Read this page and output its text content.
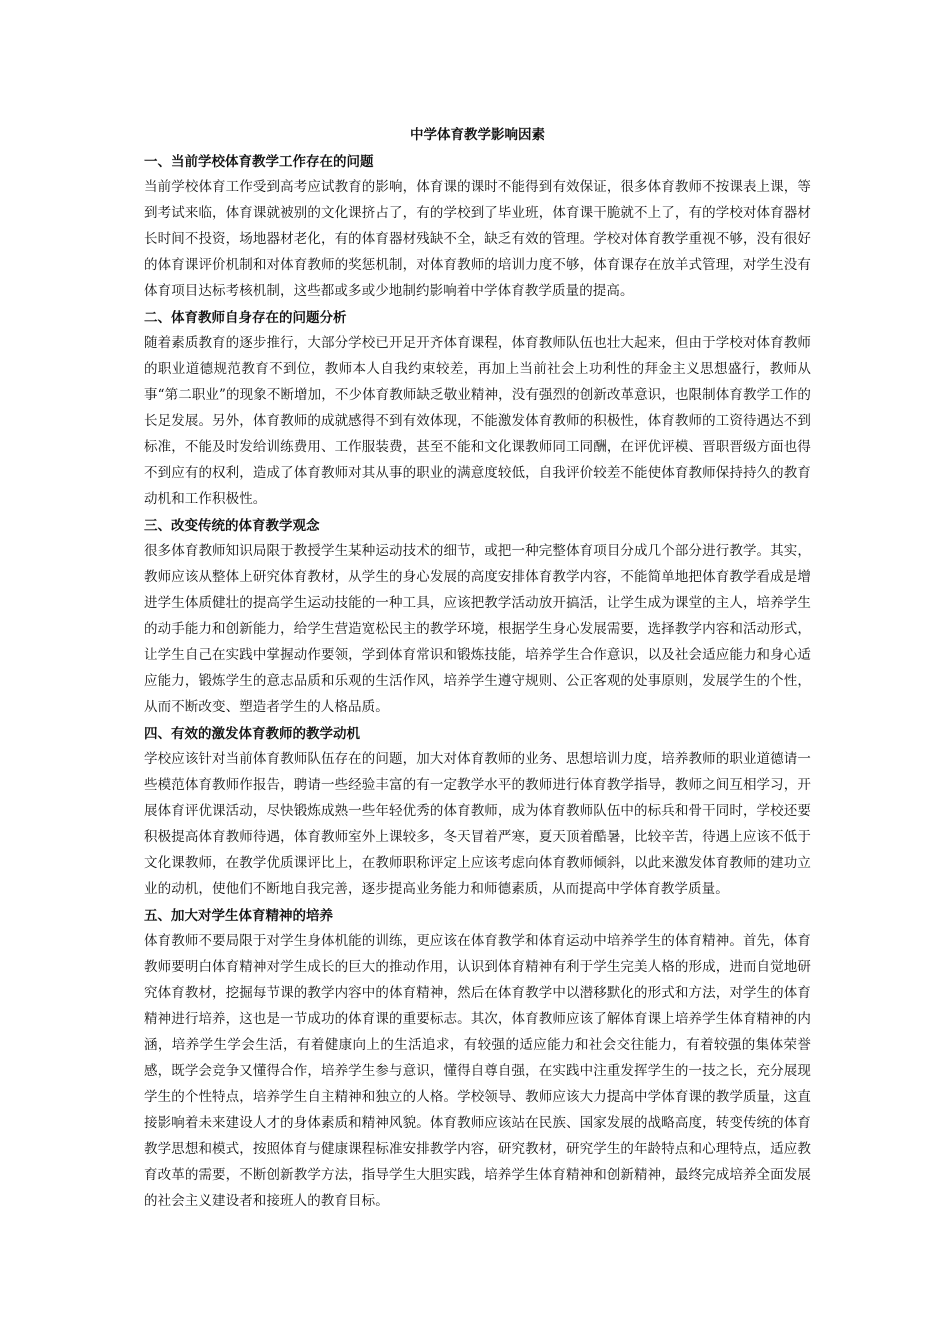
中学体育教学影响因素

一、当前学校体育教学工作存在的问题

当前学校体育工作受到高考应试教育的影响，体育课的课时不能得到有效保证，很多体育教师不按课表上课，等到考试来临，体育课就被别的文化课挤占了，有的学校到了毕业班，体育课干脆就不上了，有的学校对体育器材长时间不投资，场地器材老化，有的体育器材残缺不全，缺乏有效的管理。学校对体育教学重视不够，没有很好的体育课评价机制和对体育教师的奖惩机制，对体育教师的培训力度不够，体育课存在放羊式管理，对学生没有体育项目达标考核机制，这些都或多或少地制约影响着中学体育教学质量的提高。

二、体育教师自身存在的问题分析

随着素质教育的逐步推行，大部分学校已开足开齐体育课程，体育教师队伍也壮大起来，但由于学校对体育教师的职业道德规范教育不到位，教师本人自我约束较差，再加上当前社会上功利性的拜金主义思想盛行，教师从事“第二职业”的现象不断增加，不少体育教师缺乏敬业精神，没有强烈的创新改革意识，也限制体育教学工作的长足发展。另外，体育教师的成就感得不到有效体现，不能激发体育教师的积极性，体育教师的工资待遇达不到标准，不能及时发给训练费用、工作服装费，甚至不能和文化课教师同工同酬，在评优评模、晋职晋级方面也得不到应有的权利，造成了体育教师对其从事的职业的满意度较低，自我评价较差不能使体育教师保持持久的教育动机和工作积极性。

三、改变传统的体育教学观念

很多体育教师知识局限于教授学生某种运动技术的细节，或把一种完整体育项目分成几个部分进行教学。其实，教师应该从整体上研究体育教材，从学生的身心发展的高度安排体育教学内容，不能简单地把体育教学看成是增进学生体质健壮的提高学生运动技能的一种工具，应该把教学活动放开搞活，让学生成为课堂的主人，培养学生的动手能力和创新能力，给学生营造宽松民主的教学环境，根据学生身心发展需要，选择教学内容和活动形式，让学生自己在实践中掌握动作要领，学到体育常识和锻炼技能，培养学生合作意识，以及社会适应能力和身心适应能力，锻炼学生的意志品质和乐观的生活作风，培养学生遵守规则、公正客观的处事原则，发展学生的个性，从而不断改变、塑造者学生的人格品质。

四、有效的激发体育教师的教学动机

学校应该针对当前体育教师队伍存在的问题，加大对体育教师的业务、思想培训力度，培养教师的职业道德请一些模范体育教师作报告，聘请一些经验丰富的有一定教学水平的教师进行体育教学指导，教师之间互相学习，开展体育评优课活动，尽快锻炼成熟一些年轻优秀的体育教师，成为体育教师队伍中的标兵和骨干同时，学校还要积极提高体育教师待遇，体育教师室外上课较多，冬天冒着严寒，夏天顶着酷暑，比较辛苦，待遇上应该不低于文化课教师，在教学优质课评比上，在教师职称评定上应该考虑向体育教师倾斜，以此来激发体育教师的建功立业的动机，使他们不断地自我完善，逐步提高业务能力和师德素质，从而提高中学体育教学质量。

五、加大对学生体育精神的培养

体育教师不要局限于对学生身体机能的训练，更应该在体育教学和体育运动中培养学生的体育精神。首先，体育教师要明白体育精神对学生成长的巨大的推动作用，认识到体育精神有利于学生完美人格的形成，进而自觉地研究体育教材，挖掘每节课的教学内容中的体育精神，然后在体育教学中以潜移默化的形式和方法，对学生的体育精神进行培养，这也是一节成功的体育课的重要标志。其次，体育教师应该了解体育课上培养学生体育精神的内涵，培养学生学会生活，有着健康向上的生活追求，有较强的适应能力和社会交往能力，有着较强的集体荣誉感，既学会竞争又懂得合作，培养学生参与意识，懂得自尊自强，在实践中注重发挥学生的一技之长，充分展现学生的个性特点，培养学生自主精神和独立的人格。学校领导、教师应该大力提高中学体育课的教学质量，这直接影响着未来建设人才的身体素质和精神风貌。体育教师应该站在民族、国家发展的战略高度，转变传统的体育教学思想和模式，按照体育与健康课程标准安排教学内容，研究教材，研究学生的年龄特点和心理特点，适应教育改革的需要，不断创新教学方法，指导学生大胆实践，培养学生体育精神和创新精神，最终完成培养全面发展的社会主义建设者和接班人的教育目标。
